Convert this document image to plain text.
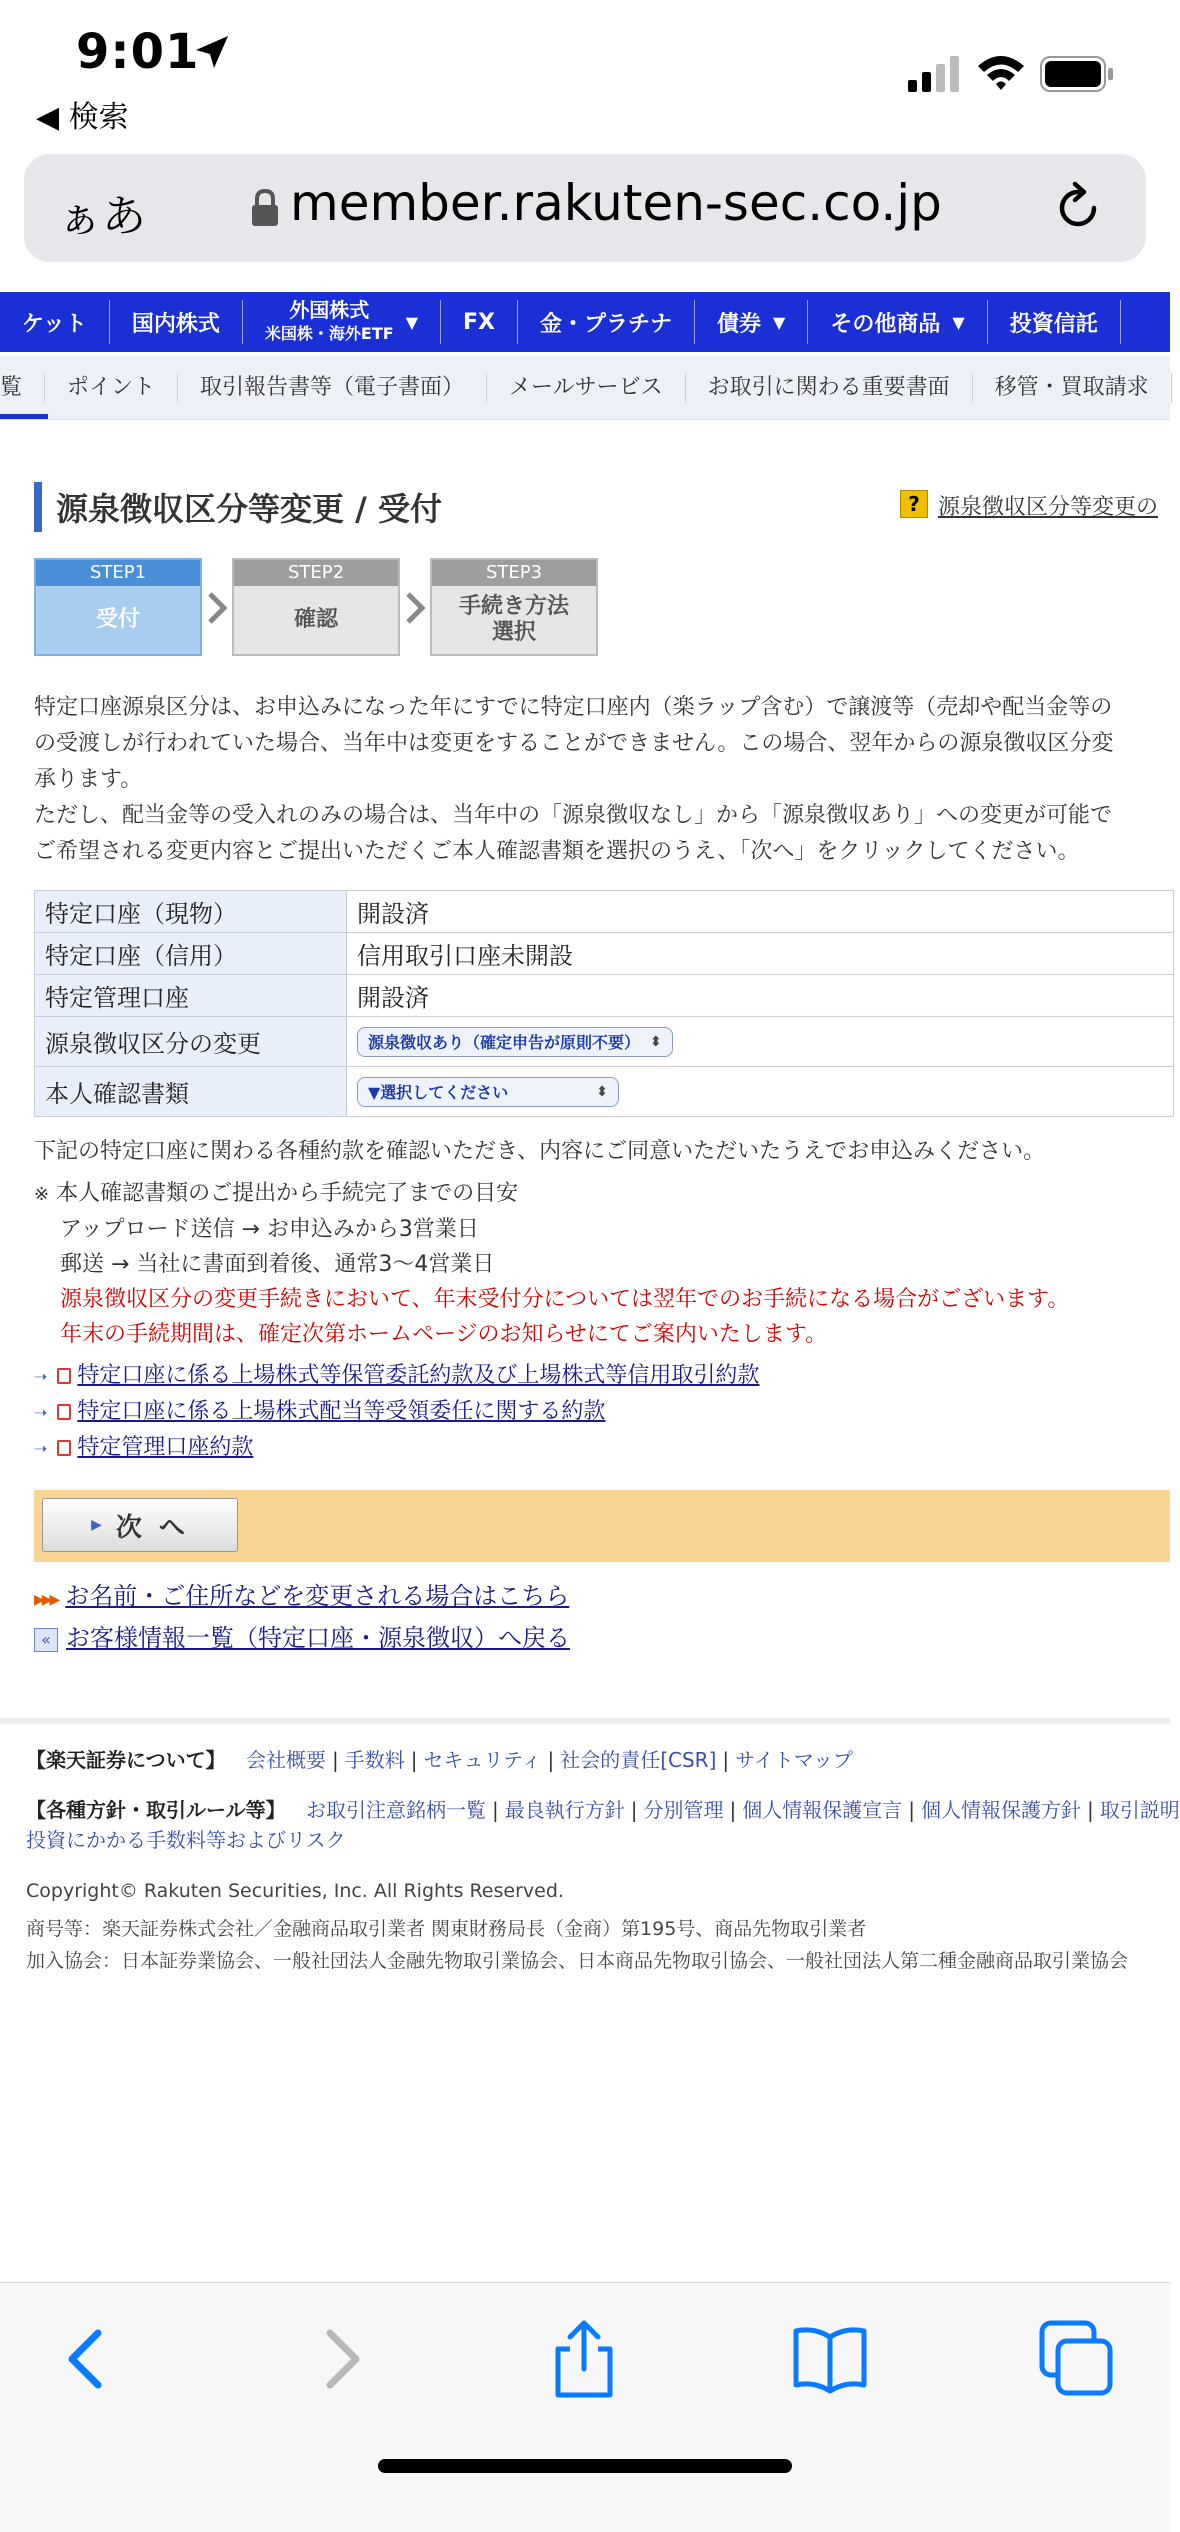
9:01
◀ 検索
ぁあ	member.rakuten-sec.co.jp
ケット 国内株式
外国株式
米国株・海外ETF
▼ FX 金・プラチナ 債券 ▼ その他商品 ▼ 投資信託
覧	ポイント	取引報告書等（電子書面）	メールサービス	お取引に関わる重要書面	移管・買取請求
源泉徴収区分等変更 / 受付	? 源泉徴収区分等変更の
STEP1
受付
STEP2
確認
STEP3
手続き方法
選択
特定口座源泉区分は、お申込みになった年にすでに特定口座内（楽ラップ含む）で譲渡等（売却や配当金等の
の受渡しが行われていた場合、当年中は変更をすることができません。この場合、翌年からの源泉徴収区分変
承ります。
ただし、配当金等の受入れのみの場合は、当年中の「源泉徴収なし」から「源泉徴収あり」への変更が可能で
ご希望される変更内容とご提出いただくご本人確認書類を選択のうえ、「次へ」をクリックしてください。
特定口座（現物）	開設済
特定口座（信用）	信用取引口座未開設
特定管理口座	開設済
源泉徴収区分の変更	源泉徴収あり（確定申告が原則不要） ⬍

本人確認書類	▼選択してください ⬍
下記の特定口座に関わる各種約款を確認いただき、内容にご同意いただいたうえでお申込みください。
※ 本人確認書類のご提出から手続完了までの目安
アップロード送信 → お申込みから3営業日
郵送 → 当社に書面到着後、通常3〜4営業日
源泉徴収区分の変更手続きにおいて、年末受付分については翌年でのお手続になる場合がございます。
年末の手続期間は、確定次第ホームページのお知らせにてご案内いたします。
➝ 特定口座に係る上場株式等保管委託約款及び上場株式等信用取引約款
➝ 特定口座に係る上場株式配当等受領委任に関する約款
➝ 特定管理口座約款
▶ 次 へ
▶▶▶ お名前・ご住所などを変更される場合はこちら
« お客様情報一覧（特定口座・源泉徴収）へ戻る
【楽天証券について】 会社概要 | 手数料 | セキュリティ | 社会的責任[CSR] | サイトマップ
【各種方針・取引ルール等】 お取引注意銘柄一覧 | 最良執行方針 | 分別管理 | 個人情報保護宣言 | 個人情報保護方針 | 取引説明
投資にかかる手数料等およびリスク
Copyright© Rakuten Securities, Inc. All Rights Reserved.
商号等：楽天証券株式会社／金融商品取引業者 関東財務局長（金商）第195号、商品先物取引業者
加入協会：日本証券業協会、一般社団法人金融先物取引業協会、日本商品先物取引協会、一般社団法人第二種金融商品取引業協会
